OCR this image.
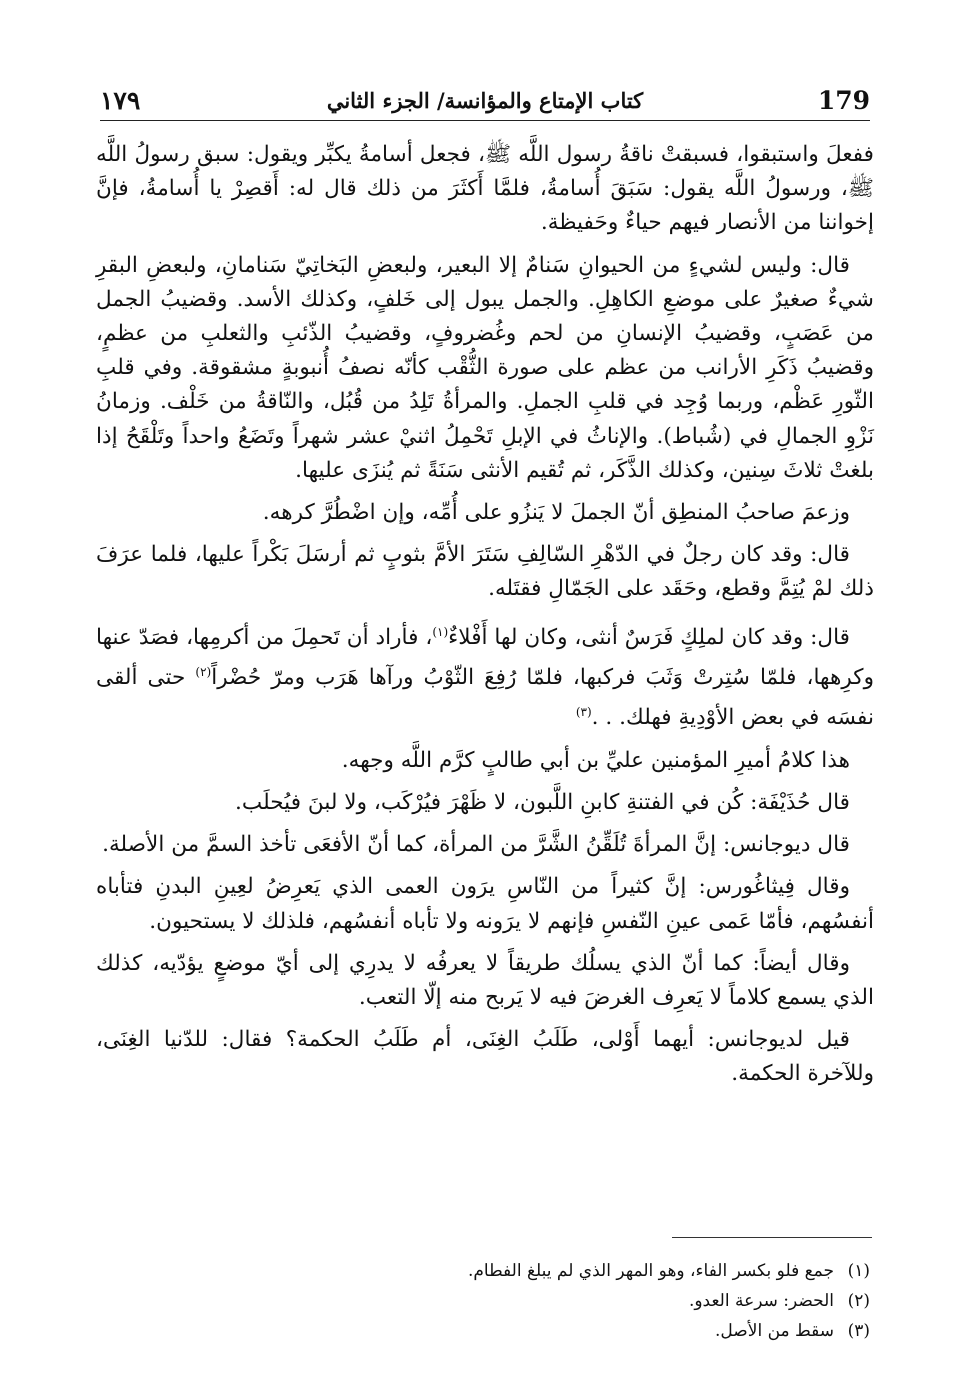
١٧٩	كتاب الإمتاع والمؤانسة/ الجزء الثاني	179

ففعلَ واستبقوا، فسبقتْ ناقةُ رسول اللَّه ﷺ، فجعل أسامةُ يكبِّر ويقول: سبق رسولُ اللَّه ﷺ، ورسولُ اللَّه يقول: سَبَقَ أُسامةُ، فلمَّا أَكثَرَ من ذلك قال له: أَقصِرْ يا أُسامةُ، فإنَّ إخواننا من الأنصار فيهم حياءٌ وحَفيظة.

قال: وليس لشيءٍ من الحيوانِ سَنامٌ إلا البعير، ولبعضِ البَخاتِيّ سَنامانِ، ولبعضِ البقرِ شيءٌ صغيرٌ على موضعِ الكاهِلِ. والجمل يبول إلى خَلفٍ، وكذلك الأسد. وقضيبُ الجمل من عَصَبٍ، وقضيبُ الإنسانِ من لحم وغُضروفٍ، وقضيبُ الذّئبِ والثعلبِ من عظمٍ، وقضيبُ ذَكَرِ الأرانب من عظم على صورة الثُّقْب كأنّه نصفُ أُنبوبةٍ مشقوقة. وفي قلبِ الثّورِ عَظْم، وربما وُجِد في قلبِ الجملِ. والمرأةُ تَلِدُ من قُبُل، والنّاقةُ من خَلْف. وزمانُ نَزْوِ الجمالِ في (شُباط). والإناثُ في الإبلِ تَحْمِلُ اثنيْ عشر شهراً وتَضَعُ واحداً وتَلْقَحُ إذا بلغتْ ثلاثَ سِنين، وكذلك الذَّكَر، ثم تُقيم الأنثى سَنَةً ثم يُنزَى عليها.

وزعمَ صاحبُ المنطِق أنّ الجملَ لا يَنزُو على أُمِّه، وإن اضْطُرَّ كرهه.

قال: وقد كان رجلٌ في الدّهْرِ السّالِفِ سَتَرَ الأمَّ بثوبٍ ثم أرسَلَ بَكْراً عليها، فلما عرَفَ ذلك لمْ يُتِمَّ وقطع، وحَقَد على الجَمّالِ فقتَله.

قال: وقد كان لملِكٍ فَرَسٌ أنثى، وكان لها أَفْلاءٌ$^{(١)}$، فأراد أن تَحمِلَ من أكرمِها، فصَدّ عنها وكرِهها، فلمّا سُتِرتْ وَثَبَ فركبها، فلمّا رُفِعَ الثّوْبُ ورآها هَرَب ومرّ حُضْراً$^{(٢)}$ حتى ألقى نفسَه في بعض الأوْدِيةِ فهلك. . .$^{(٣)}$

هذا كلامُ أميرِ المؤمنين عليِّ بن أبي طالبٍ كرَّم اللَّه وجهه.

قال حُذَيْفَة: كُن في الفتنةِ كابنِ اللَّبون، لا ظَهْرَ فيُرْكَب، ولا لبنَ فيُحلَب.

قال ديوجانس: إنَّ المرأةَ تُلَقِّنُ الشَّرَّ من المرأة، كما أنّ الأفعَى تأخذ السمَّ من الأصلة.

وقال فِيثاغُورس: إنَّ كثيراً من النّاسِ يرَون العمى الذي يَعرِضُ لعِينِ البدنِ فتأباه أنفسُهم، فأمّا عَمى عينِ النّفسِ فإنهم لا يرَونه ولا تأباه أنفسُهم، فلذلك لا يستحيون.

وقال أيضاً: كما أنّ الذي يسلُك طريقاً لا يعرفُه لا يدرِي إلى أيّ موضعٍ يؤدّيه، كذلك الذي يسمع كلاماً لا يَعرِف الغرضَ فيه لا يَربح منه إلّا التعب.

قيل لديوجانس: أيهما أَوْلى، طَلَبُ الغِنَى، أم طَلَبُ الحكمة؟ فقال: للدّنيا الغِنَى، وللآخرة الحكمة.

(١)جمع فلو بكسر الفاء، وهو المهر الذي لم يبلغ الفطام.
(٢)الحضر: سرعة العدو.
(٣)سقط من الأصل.
